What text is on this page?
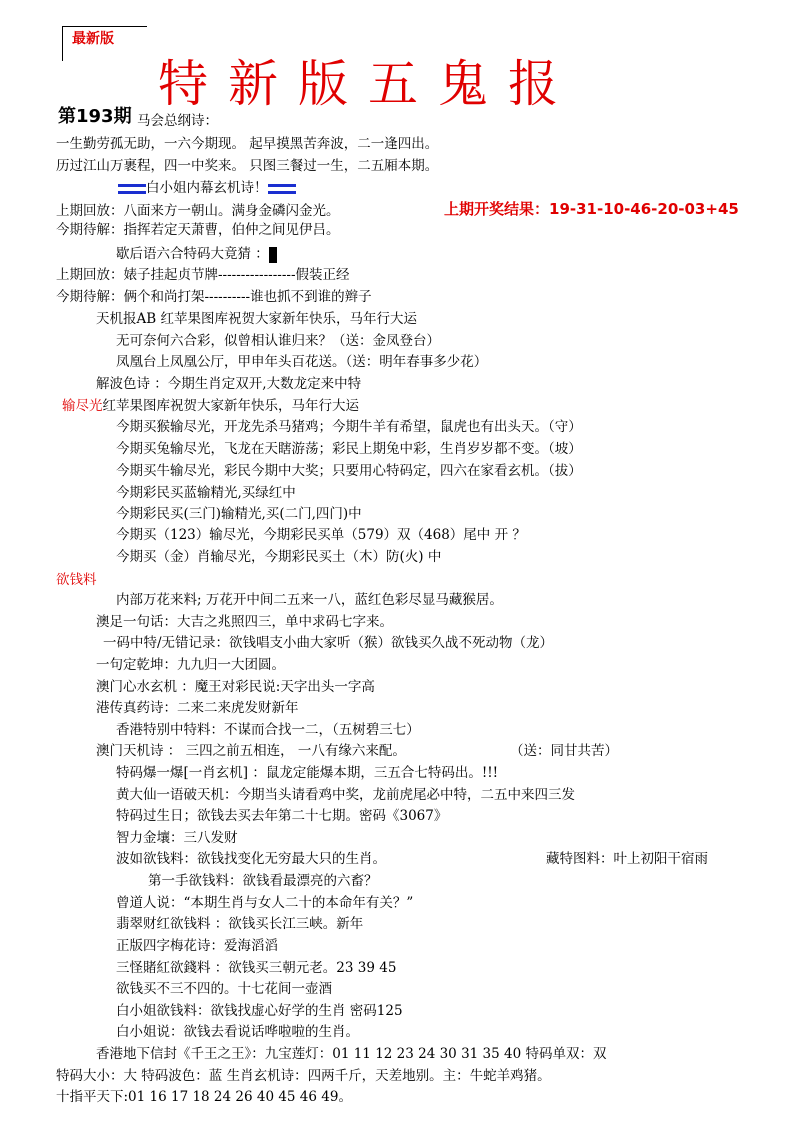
最新版
特新版五鬼报
第193期 马会总纲诗：
一生勤劳孤无助，一六今期现。 起早摸黑苦奔波，二一逢四出。
历过江山万裹程，四一中奖来。 只图三餐过一生，二五厢本期。
白小姐内幕玄机诗！
上期开奖结果：19-31-10-46-20-03+45
上期回放：八面来方一朝山。满身金磷闪金光。
今期待解：指挥若定天萧曹，伯仲之间见伊吕。
歇后语六合特码大竟猜 ：
上期回放：婊子挂起贞节牌-----------------假装正经
今期待解：俩个和尚打架----------谁也抓不到谁的辫子
天机报AB 红苹果图库祝贺大家新年快乐，马年行大运
无可奈何六合彩，似曾相认谁归来？（送：金凤登台）
凤凰台上凤凰公厅，甲申年头百花送。（送：明年春事多少花）
解波色诗 ：今期生肖定双开,大数龙定来中特
输尽光红苹果图库祝贺大家新年快乐，马年行大运
今期买猴输尽光，开龙先杀马猪鸡；今期牛羊有希望，鼠虎也有出头天。（守）
今期买兔输尽光，飞龙在天瞎游荡；彩民上期兔中彩，生肖岁岁都不变。（坡）
今期买牛输尽光，彩民今期中大奖；只要用心特码定，四六在家看玄机。（拔）
今期彩民买蓝输精光,买绿红中
今期彩民买(三门)输精光,买(二门,四门)中
今期买（123）输尽光，今期彩民买单（579）双（468）尾中 开 ？
今期买（金）肖输尽光，今期彩民买土（木）防(火) 中
欲钱料
内部万花来料; 万花开中间二五来一八，蓝红色彩尽显马藏猴居。
澳足一句话：大吉之兆照四三，单中求码七字来。
一码中特/无错记录：欲钱唱支小曲大家听（猴）欲钱买久战不死动物（龙）
一句定乾坤：九九归一大团圆。
澳门心水玄机 ：魔王对彩民说:天字出头一字高
港传真药诗：二来二来虎发财新年
香港特别中特料：不谋而合找一二，（五树碧三七）
澳门天机诗 ： 三四之前五相连， 一八有缘六来配。	（送：同甘共苦）
特码爆一爆[一肖玄机] ：鼠龙定能爆本期，三五合七特码出。!!!
黄大仙一语破天机：今期当头请看鸡中奖，龙前虎尾必中特，二五中来四三发
特码过生日；欲钱去买去年第二十七期。密码《3067》
智力金壤：三八发财
波如欲钱料：欲钱找变化无穷最大只的生肖。	藏特图料：叶上初阳干宿雨
第一手欲钱料：欲钱看最漂亮的六畜？
曾道人说：“本期生肖与女人二十的本命年有关？”
翡翠财红欲钱料 ：欲钱买长江三峡。新年
正版四字梅花诗：爱海滔滔
三怪賭紅欲錢料 ：欲钱买三朝元老。23 39 45
欲钱买不三不四的。十七花间一壶酒
白小姐欲钱料：欲钱找虚心好学的生肖 密码125
白小姐说：欲钱去看说话哗啦啦的生肖。
香港地下信封《千王之王》：九宝莲灯：01 11 12 23 24 30 31 35 40 特码单双：双
特码大小：大 特码波色：蓝 生肖玄机诗：四两千斤，天差地别。主：牛蛇羊鸡猪。
十指平天下:01 16 17 18 24 26 40 45 46 49。
